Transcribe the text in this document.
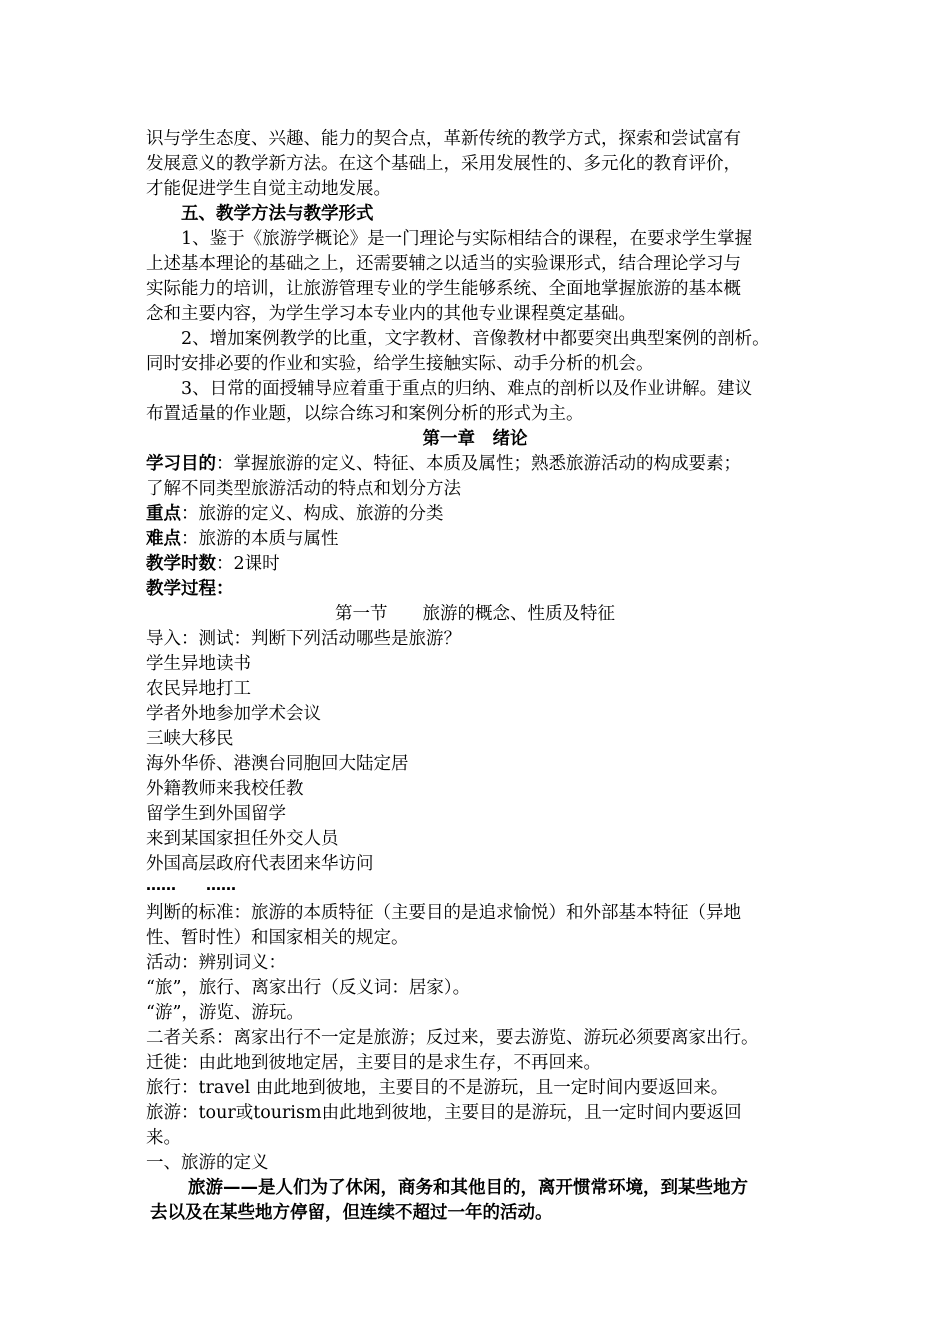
识与学生态度、兴趣、能力的契合点，革新传统的教学方式，探索和尝试富有
发展意义的教学新方法。在这个基础上，采用发展性的、多元化的教育评价，
才能促进学生自觉主动地发展。
五、教学方法与教学形式
1、鉴于《旅游学概论》是一门理论与实际相结合的课程，在要求学生掌握
上述基本理论的基础之上，还需要辅之以适当的实验课形式，结合理论学习与
实际能力的培训，让旅游管理专业的学生能够系统、全面地掌握旅游的基本概
念和主要内容，为学生学习本专业内的其他专业课程奠定基础。
2、增加案例教学的比重，文字教材、音像教材中都要突出典型案例的剖析。
同时安排必要的作业和实验，给学生接触实际、动手分析的机会。
3、日常的面授辅导应着重于重点的归纳、难点的剖析以及作业讲解。建议
布置适量的作业题，以综合练习和案例分析的形式为主。
第一章　绪论
学习目的：掌握旅游的定义、特征、本质及属性；熟悉旅游活动的构成要素；
了解不同类型旅游活动的特点和划分方法
重点：旅游的定义、构成、旅游的分类
难点：旅游的本质与属性
教学时数：2课时
教学过程：
第一节　　旅游的概念、性质及特征
导入：测试：判断下列活动哪些是旅游？
学生异地读书
农民异地打工
学者外地参加学术会议
三峡大移民
海外华侨、港澳台同胞回大陆定居
外籍教师来我校任教
留学生到外国留学
来到某国家担任外交人员
外国高层政府代表团来华访问
……　　……
判断的标准：旅游的本质特征（主要目的是追求愉悦）和外部基本特征（异地
性、暂时性）和国家相关的规定。
活动：辨别词义：
“旅”，旅行、离家出行（反义词：居家）。
“游”，游览、游玩。
二者关系：离家出行不一定是旅游；反过来，要去游览、游玩必须要离家出行。
迁徙：由此地到彼地定居，主要目的是求生存，不再回来。
旅行：travel 由此地到彼地，主要目的不是游玩，且一定时间内要返回来。
旅游：tour或tourism由此地到彼地，主要目的是游玩，且一定时间内要返回
来。
一、旅游的定义
旅游——是人们为了休闲，商务和其他目的，离开惯常环境，到某些地方
去以及在某些地方停留，但连续不超过一年的活动。
